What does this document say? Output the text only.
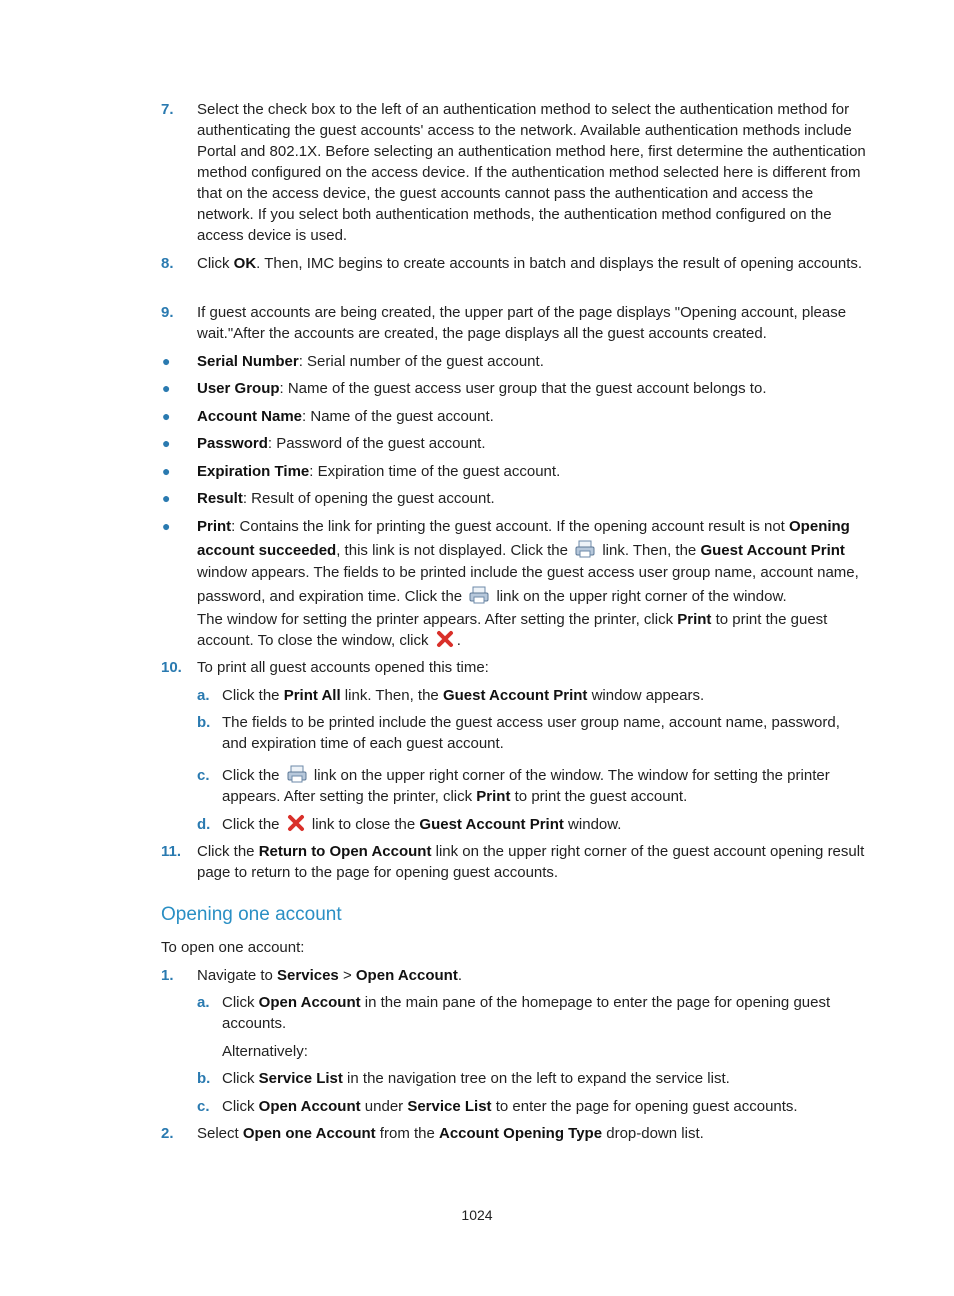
7. Select the check box to the left of an authentication method to select the authentication method for authenticating the guest accounts' access to the network. Available authentication methods include Portal and 802.1X. Before selecting an authentication method here, first determine the authentication method configured on the access device. If the authentication method selected here is different from that on the access device, the guest accounts cannot pass the authentication and access the network. If you select both authentication methods, the authentication method configured on the access device is used.
8. Click OK. Then, IMC begins to create accounts in batch and displays the result of opening accounts.
9. If guest accounts are being created, the upper part of the page displays "Opening account, please wait."After the accounts are created, the page displays all the guest accounts created.
● Serial Number: Serial number of the guest account.
● User Group: Name of the guest access user group that the guest account belongs to.
● Account Name: Name of the guest account.
● Password: Password of the guest account.
● Expiration Time: Expiration time of the guest account.
● Result: Result of opening the guest account.
● Print: Contains the link for printing the guest account. If the opening account result is not Opening
account succeeded, this link is not displayed. Click the  link. Then, the Guest Account Print
window appears. The fields to be printed include the guest access user group name, account name,
password, and expiration time. Click the  link on the upper right corner of the window.
The window for setting the printer appears. After setting the printer, click Print to print the guest
account. To close the window, click .
10. To print all guest accounts opened this time:
a. Click the Print All link. Then, the Guest Account Print window appears.
b. The fields to be printed include the guest access user group name, account name, password, and expiration time of each guest account.
c. Click the  link on the upper right corner of the window. The window for setting the printer
appears. After setting the printer, click Print to print the guest account.
d. Click the  link to close the Guest Account Print window.
11. Click the Return to Open Account link on the upper right corner of the guest account opening result page to return to the page for opening guest accounts.
Opening one account
To open one account:
1. Navigate to Services > Open Account.
a. Click Open Account in the main pane of the homepage to enter the page for opening guest accounts.
Alternatively:
b. Click Service List in the navigation tree on the left to expand the service list.
c. Click Open Account under Service List to enter the page for opening guest accounts.
2. Select Open one Account from the Account Opening Type drop-down list.
1024
